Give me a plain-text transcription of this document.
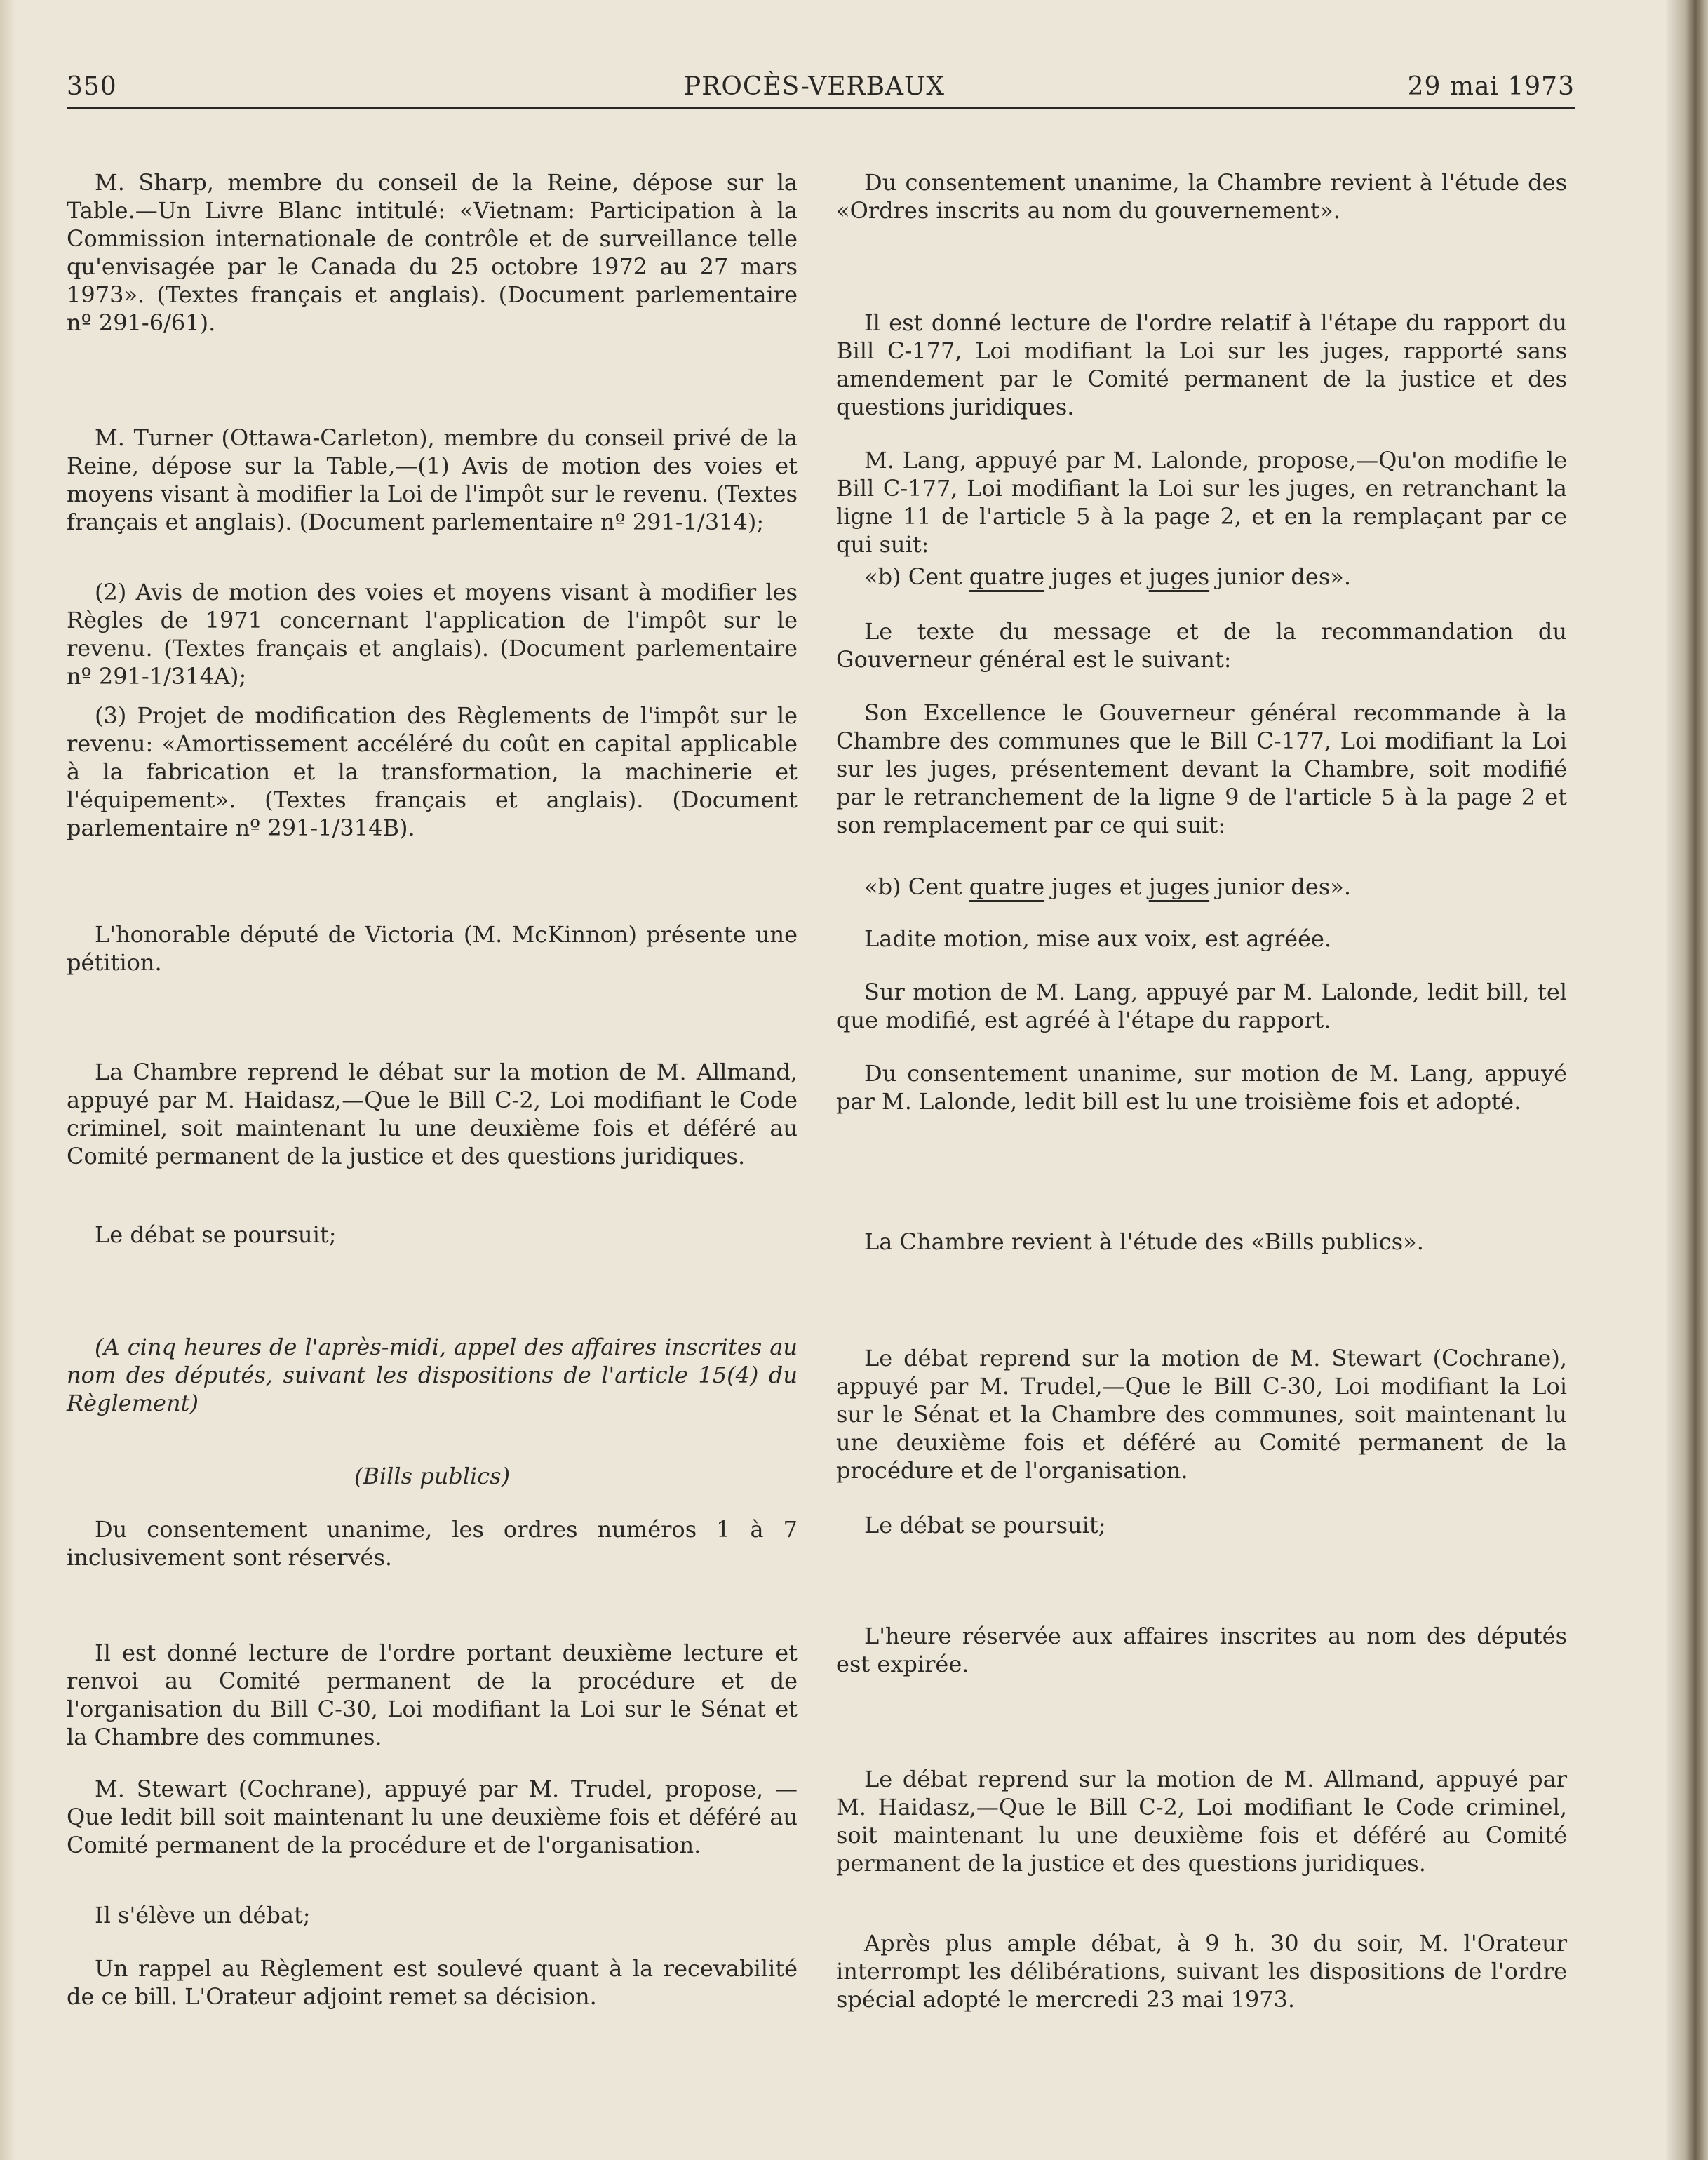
350	PROCÈS-VERBAUX	29 mai 1973

M. Sharp, membre du conseil de la Reine, dépose sur la Table.—Un Livre Blanc intitulé: «Vietnam: Participation à la Commission internationale de contrôle et de surveillance telle qu'envisagée par le Canada du 25 octobre 1972 au 27 mars 1973». (Textes français et anglais). (Document parlementaire nº 291-6/61).

M. Turner (Ottawa-Carleton), membre du conseil privé de la Reine, dépose sur la Table,—(1) Avis de motion des voies et moyens visant à modifier la Loi de l'impôt sur le revenu. (Textes français et anglais). (Document parlementaire nº 291-1/314);

(2) Avis de motion des voies et moyens visant à modifier les Règles de 1971 concernant l'application de l'impôt sur le revenu. (Textes français et anglais). (Document parlementaire nº 291-1/314A);

(3) Projet de modification des Règlements de l'impôt sur le revenu: «Amortissement accéléré du coût en capital applicable à la fabrication et la transformation, la machinerie et l'équipement». (Textes français et anglais). (Document parlementaire nº 291-1/314B).

L'honorable député de Victoria (M. McKinnon) présente une pétition.

La Chambre reprend le débat sur la motion de M. Allmand, appuyé par M. Haidasz,—Que le Bill C-2, Loi modifiant le Code criminel, soit maintenant lu une deuxième fois et déféré au Comité permanent de la justice et des questions juridiques.

Le débat se poursuit;

(A cinq heures de l'après-midi, appel des affaires inscrites au nom des députés, suivant les dispositions de l'article 15(4) du Règlement)

(Bills publics)

Du consentement unanime, les ordres numéros 1 à 7 inclusivement sont réservés.

Il est donné lecture de l'ordre portant deuxième lecture et renvoi au Comité permanent de la procédure et de l'organisation du Bill C-30, Loi modifiant la Loi sur le Sénat et la Chambre des communes.

M. Stewart (Cochrane), appuyé par M. Trudel, propose, —Que ledit bill soit maintenant lu une deuxième fois et déféré au Comité permanent de la procédure et de l'organisation.

Il s'élève un débat;

Un rappel au Règlement est soulevé quant à la recevabilité de ce bill. L'Orateur adjoint remet sa décision.

Du consentement unanime, la Chambre revient à l'étude des «Ordres inscrits au nom du gouvernement».

Il est donné lecture de l'ordre relatif à l'étape du rapport du Bill C-177, Loi modifiant la Loi sur les juges, rapporté sans amendement par le Comité permanent de la justice et des questions juridiques.

M. Lang, appuyé par M. Lalonde, propose,—Qu'on modifie le Bill C-177, Loi modifiant la Loi sur les juges, en retranchant la ligne 11 de l'article 5 à la page 2, et en la remplaçant par ce qui suit:

«b) Cent quatre juges et juges junior des».

Le texte du message et de la recommandation du Gouverneur général est le suivant:

Son Excellence le Gouverneur général recommande à la Chambre des communes que le Bill C-177, Loi modifiant la Loi sur les juges, présentement devant la Chambre, soit modifié par le retranchement de la ligne 9 de l'article 5 à la page 2 et son remplacement par ce qui suit:

«b) Cent quatre juges et juges junior des».

Ladite motion, mise aux voix, est agréée.

Sur motion de M. Lang, appuyé par M. Lalonde, ledit bill, tel que modifié, est agréé à l'étape du rapport.

Du consentement unanime, sur motion de M. Lang, appuyé par M. Lalonde, ledit bill est lu une troisième fois et adopté.

La Chambre revient à l'étude des «Bills publics».

Le débat reprend sur la motion de M. Stewart (Cochrane), appuyé par M. Trudel,—Que le Bill C-30, Loi modifiant la Loi sur le Sénat et la Chambre des communes, soit maintenant lu une deuxième fois et déféré au Comité permanent de la procédure et de l'organisation.

Le débat se poursuit;

L'heure réservée aux affaires inscrites au nom des députés est expirée.

Le débat reprend sur la motion de M. Allmand, appuyé par M. Haidasz,—Que le Bill C-2, Loi modifiant le Code criminel, soit maintenant lu une deuxième fois et déféré au Comité permanent de la justice et des questions juridiques.

Après plus ample débat, à 9 h. 30 du soir, M. l'Orateur interrompt les délibérations, suivant les dispositions de l'ordre spécial adopté le mercredi 23 mai 1973.
